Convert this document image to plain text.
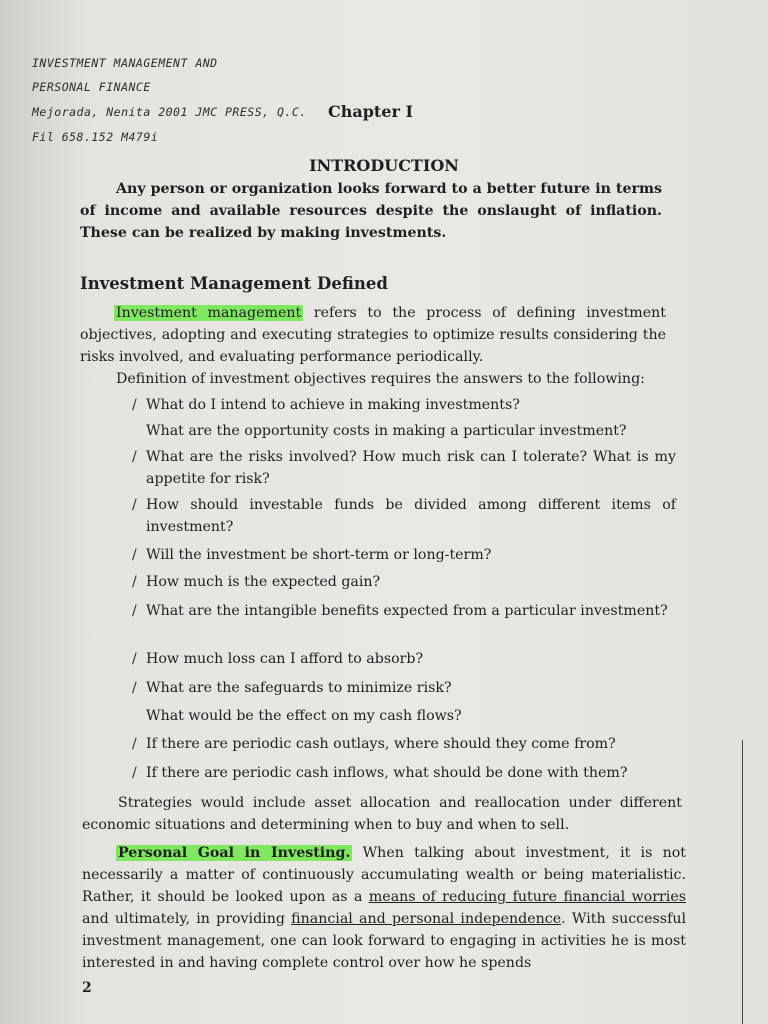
INVESTMENT MANAGEMENT AND
PERSONAL FINANCE
Mejorada, Nenita 2001 JMC PRESS, Q.C.
Fil 658.152 M479i
Chapter I
INTRODUCTION
Any person or organization looks forward to a better future in terms of income and available resources despite the onslaught of inflation. These can be realized by making investments.
Investment Management Defined
Investment management refers to the process of defining investment objectives, adopting and executing strategies to optimize results considering the risks involved, and evaluating performance periodically.
Definition of investment objectives requires the answers to the following:
/ What do I intend to achieve in making investments?
What are the opportunity costs in making a particular investment?
/ What are the risks involved? How much risk can I tolerate? What is my appetite for risk?
/ How should investable funds be divided among different items of investment?
/ Will the investment be short-term or long-term?
/ How much is the expected gain?
/ What are the intangible benefits expected from a particular investment?
/ How much loss can I afford to absorb?
/ What are the safeguards to minimize risk?
What would be the effect on my cash flows?
/ If there are periodic cash outlays, where should they come from?
/ If there are periodic cash inflows, what should be done with them?
Strategies would include asset allocation and reallocation under different economic situations and determining when to buy and when to sell.
Personal Goal in Investing. When talking about investment, it is not necessarily a matter of continuously accumulating wealth or being materialistic. Rather, it should be looked upon as a means of reducing future financial worries and ultimately, in providing financial and personal independence. With successful investment management, one can look forward to engaging in activities he is most interested in and having complete control over how he spends
2
